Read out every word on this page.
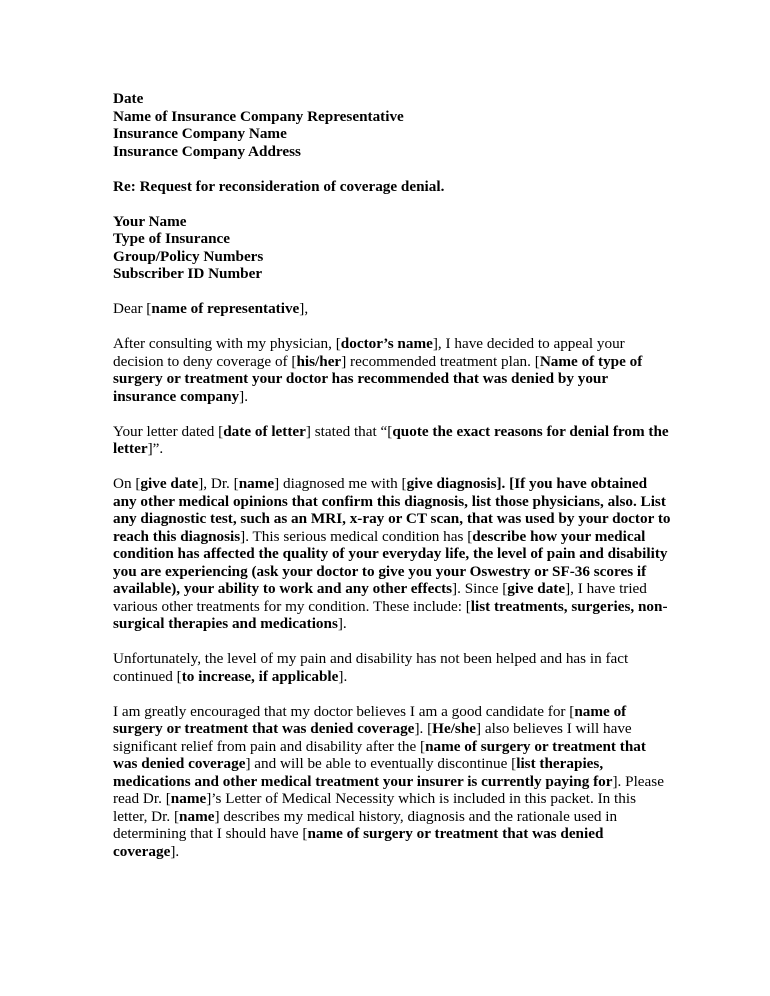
Date
Name of Insurance Company Representative
Insurance Company Name
Insurance Company Address
Re: Request for reconsideration of coverage denial.
Your Name
Type of Insurance
Group/Policy Numbers
Subscriber ID Number

Dear [name of representative],

After consulting with my physician, [doctor’s name], I have decided to appeal your decision to deny coverage of [his/her] recommended treatment plan. [Name of type of surgery or treatment your doctor has recommended that was denied by your insurance company].

Your letter dated [date of letter] stated that “[quote the exact reasons for denial from the letter]”.

On [give date], Dr. [name] diagnosed me with [give diagnosis]. [If you have obtained any other medical opinions that confirm this diagnosis, list those physicians, also. List any diagnostic test, such as an MRI, x-ray or CT scan, that was used by your doctor to reach this diagnosis]. This serious medical condition has [describe how your medical condition has affected the quality of your everyday life, the level of pain and disability you are experiencing (ask your doctor to give you your Oswestry or SF-36 scores if available), your ability to work and any other effects]. Since [give date], I have tried various other treatments for my condition. These include: [list treatments, surgeries, non-surgical therapies and medications].

Unfortunately, the level of my pain and disability has not been helped and has in fact continued [to increase, if applicable].

I am greatly encouraged that my doctor believes I am a good candidate for [name of surgery or treatment that was denied coverage]. [He/she] also believes I will have significant relief from pain and disability after the [name of surgery or treatment that was denied coverage] and will be able to eventually discontinue [list therapies, medications and other medical treatment your insurer is currently paying for]. Please read Dr. [name]’s Letter of Medical Necessity which is included in this packet. In this letter, Dr. [name] describes my medical history, diagnosis and the rationale used in determining that I should have [name of surgery or treatment that was denied coverage].
